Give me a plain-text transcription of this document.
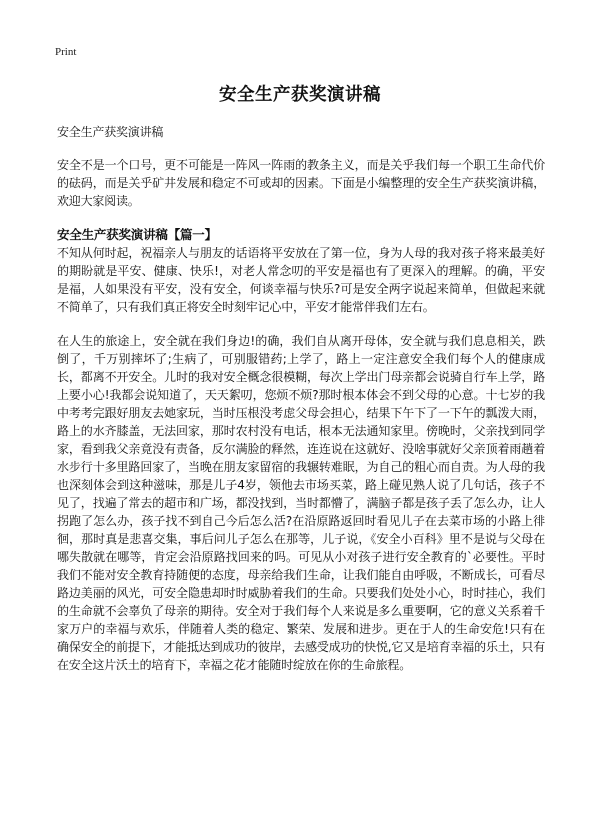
Print
安全生产获奖演讲稿

安全生产获奖演讲稿

安全不是一个口号，更不可能是一阵风一阵雨的教条主义，而是关乎我们每一个职工生命代价的砝码，而是关乎矿井发展和稳定不可或却的因素。下面是小编整理的安全生产获奖演讲稿，欢迎大家阅读。

安全生产获奖演讲稿【篇一】

不知从何时起，祝福亲人与朋友的话语将平安放在了第一位，身为人母的我对孩子将来最美好的期盼就是平安、健康、快乐!，对老人常念叨的平安是福也有了更深入的理解。的确，平安是福，人如果没有平安，没有安全，何谈幸福与快乐?可是安全两字说起来简单，但做起来就不简单了，只有我们真正将安全时刻牢记心中，平安才能常伴我们左右。

在人生的旅途上，安全就在我们身边!的确，我们自从离开母体，安全就与我们息息相关，跌倒了，千万别摔坏了;生病了，可别服错药;上学了，路上一定注意安全我们每个人的健康成长，都离不开安全。儿时的我对安全概念很模糊，每次上学出门母亲都会说骑自行车上学，路上要小心!我都会说知道了，天天絮叨，您烦不烦?那时根本体会不到父母的心意。十七岁的我中考考完跟好朋友去她家玩，当时压根没考虑父母会担心，结果下午下了一下午的瓢泼大雨，路上的水齐膝盖，无法回家，那时农村没有电话，根本无法通知家里。傍晚时，父亲找到同学家，看到我父亲竟没有责备，反尔满脸的释然，连连说在这就好、没啥事就好父亲顶着雨趟着水步行十多里路回家了，当晚在朋友家留宿的我辗转难眠，为自己的粗心而自责。为人母的我也深刻体会到这种滋味，那是儿子4岁，领他去市场买菜，路上碰见熟人说了几句话，孩子不见了，找遍了常去的超市和广场，都没找到，当时都懵了，满脑子都是孩子丢了怎么办，让人拐跑了怎么办，孩子找不到自己今后怎么活?在沿原路返回时看见儿子在去菜市场的小路上徘徊，那时真是悲喜交集，事后问儿子怎么在那等，儿子说，《安全小百科》里不是说与父母在哪失散就在哪等，肯定会沿原路找回来的吗。可见从小对孩子进行安全教育的`必要性。平时我们不能对安全教育持随便的态度，母亲给我们生命，让我们能自由呼吸，不断成长，可看尽路边美丽的风光，可安全隐患却时时威胁着我们的生命。只要我们处处小心，时时挂心，我们的生命就不会辜负了母亲的期待。安全对于我们每个人来说是多么重要啊，它的意义关系着千家万户的幸福与欢乐，伴随着人类的稳定、繁荣、发展和进步。更在于人的生命安危!只有在确保安全的前提下，才能抵达到成功的彼岸，去感受成功的快悦,它又是培育幸福的乐土，只有在安全这片沃土的培育下，幸福之花才能随时绽放在你的生命旅程。
